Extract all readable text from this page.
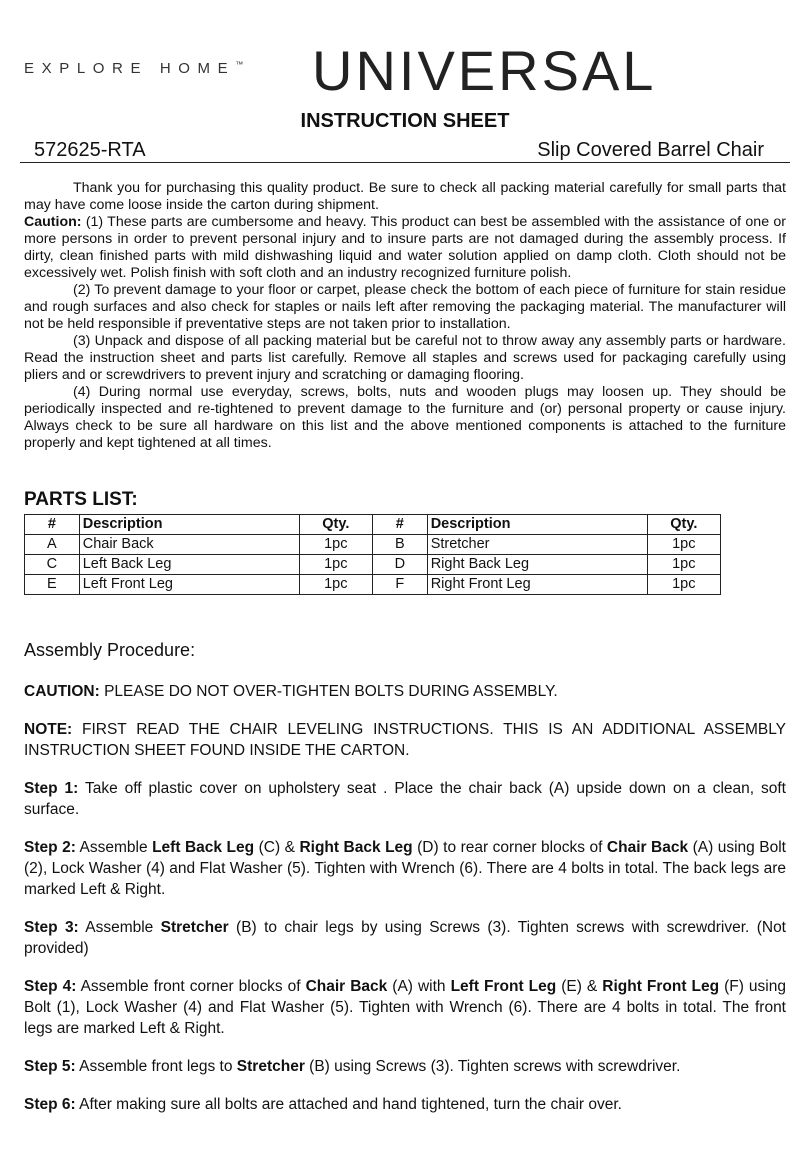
EXPLORE HOME™ UNIVERSAL
INSTRUCTION SHEET
572625-RTA	Slip Covered Barrel Chair

Thank you for purchasing this quality product. Be sure to check all packing material carefully for small parts that may have come loose inside the carton during shipment.

Caution: (1) These parts are cumbersome and heavy. This product can best be assembled with the assistance of one or more persons in order to prevent personal injury and to insure parts are not damaged during the assembly process. If dirty, clean finished parts with mild dishwashing liquid and water solution applied on damp cloth. Cloth should not be excessively wet. Polish finish with soft cloth and an industry recognized furniture polish.

(2) To prevent damage to your floor or carpet, please check the bottom of each piece of furniture for stain residue and rough surfaces and also check for staples or nails left after removing the packaging material. The manufacturer will not be held responsible if preventative steps are not taken prior to installation.

(3) Unpack and dispose of all packing material but be careful not to throw away any assembly parts or hardware. Read the instruction sheet and parts list carefully. Remove all staples and screws used for packaging carefully using pliers and or screwdrivers to prevent injury and scratching or damaging flooring.

(4) During normal use everyday, screws, bolts, nuts and wooden plugs may loosen up. They should be periodically inspected and re-tightened to prevent damage to the furniture and (or) personal property or cause injury. Always check to be sure all hardware on this list and the above mentioned components is attached to the furniture properly and kept tightened at all times.

PARTS LIST:
#	Description	Qty.	#	Description	Qty.
A	Chair Back	1pc	B	Stretcher	1pc
C	Left Back Leg	1pc	D	Right Back Leg	1pc
E	Left Front Leg	1pc	F	Right Front Leg	1pc
Assembly Procedure:

CAUTION: PLEASE DO NOT OVER-TIGHTEN BOLTS DURING ASSEMBLY.

NOTE: FIRST READ THE CHAIR LEVELING INSTRUCTIONS. THIS IS AN ADDITIONAL ASSEMBLY INSTRUCTION SHEET FOUND INSIDE THE CARTON.

Step 1: Take off plastic cover on upholstery seat . Place the chair back (A) upside down on a clean, soft surface.

Step 2: Assemble Left Back Leg (C) & Right Back Leg (D) to rear corner blocks of Chair Back (A) using Bolt (2), Lock Washer (4) and Flat Washer (5). Tighten with Wrench (6). There are 4 bolts in total. The back legs are marked Left & Right.

Step 3: Assemble Stretcher (B) to chair legs by using Screws (3). Tighten screws with screwdriver. (Not provided)

Step 4: Assemble front corner blocks of Chair Back (A) with Left Front Leg (E) & Right Front Leg (F) using Bolt (1), Lock Washer (4) and Flat Washer (5). Tighten with Wrench (6). There are 4 bolts in total. The front legs are marked Left & Right.

Step 5: Assemble front legs to Stretcher (B) using Screws (3). Tighten screws with screwdriver.

Step 6: After making sure all bolts are attached and hand tightened, turn the chair over.
